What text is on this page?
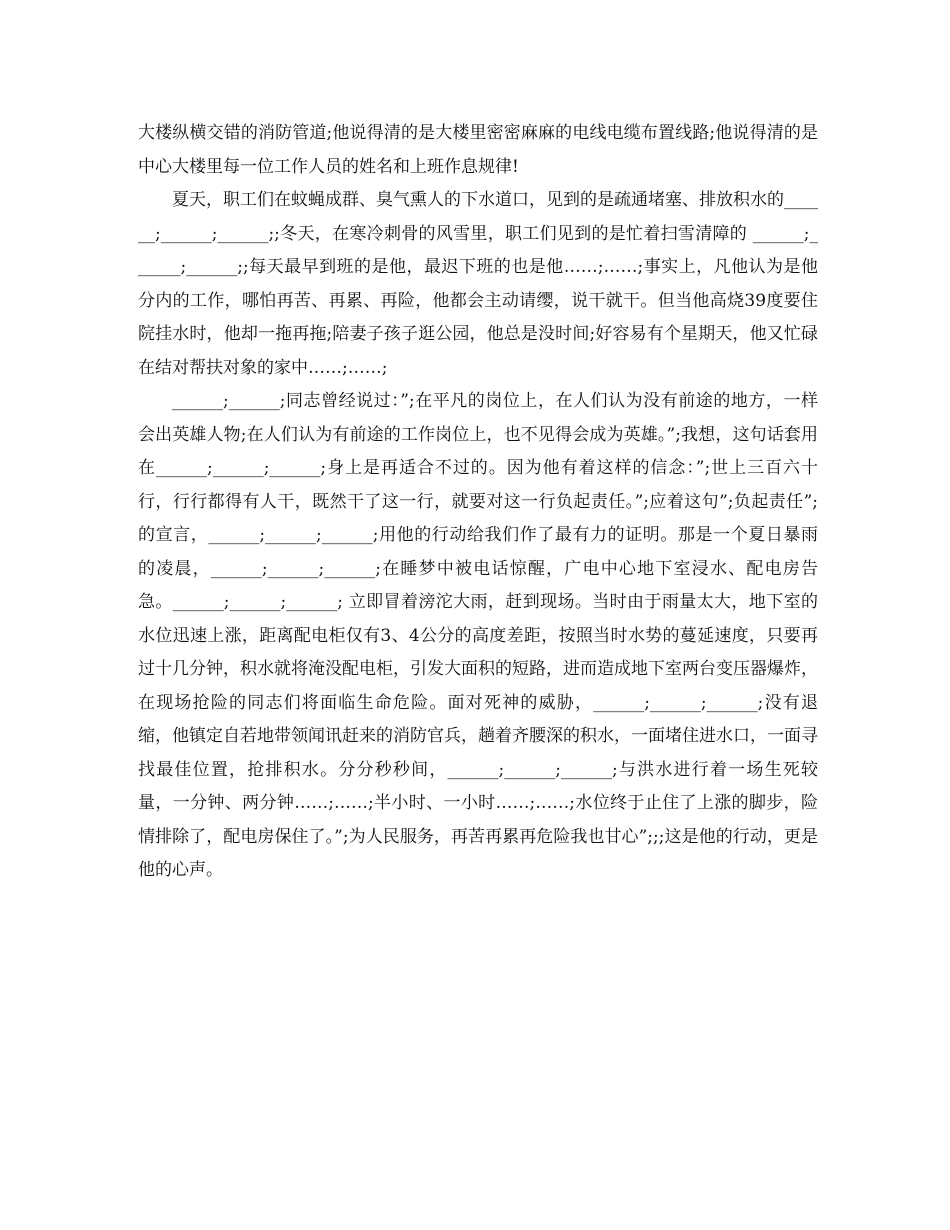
大楼纵横交错的消防管道;他说得清的是大楼里密密麻麻的电线电缆布置线路;他说得清的是中心大楼里每一位工作人员的姓名和上班作息规律!

夏天，职工们在蚊蝇成群、臭气熏人的下水道口，见到的是疏通堵塞、排放积水的______;______;______;;冬天，在寒冷刺骨的风雪里，职工们见到的是忙着扫雪清障的 ______;______;______;;每天最早到班的是他，最迟下班的也是他……;……;事实上，凡他认为是他分内的工作，哪怕再苦、再累、再险，他都会主动请缨，说干就干。但当他高烧39度要住院挂水时，他却一拖再拖;陪妻子孩子逛公园，他总是没时间;好容易有个星期天，他又忙碌在结对帮扶对象的家中……;……;

______;______;同志曾经说过：”;在平凡的岗位上，在人们认为没有前途的地方，一样会出英雄人物;在人们认为有前途的工作岗位上，也不见得会成为英雄。”;我想，这句话套用在______;______;______;身上是再适合不过的。因为他有着这样的信念：”;世上三百六十行，行行都得有人干，既然干了这一行，就要对这一行负起责任。”;应着这句”;负起责任”;的宣言，______;______;______;用他的行动给我们作了最有力的证明。那是一个夏日暴雨的凌晨，______;______;______;在睡梦中被电话惊醒，广电中心地下室浸水、配电房告急。______;______;______; 立即冒着滂沱大雨，赶到现场。当时由于雨量太大，地下室的水位迅速上涨，距离配电柜仅有3、4公分的高度差距，按照当时水势的蔓延速度，只要再过十几分钟，积水就将淹没配电柜，引发大面积的短路，进而造成地下室两台变压器爆炸，在现场抢险的同志们将面临生命危险。面对死神的威胁，______;______;______;没有退缩，他镇定自若地带领闻讯赶来的消防官兵，趟着齐腰深的积水，一面堵住进水口，一面寻找最佳位置，抢排积水。分分秒秒间，______;______;______;与洪水进行着一场生死较量，一分钟、两分钟……;……;半小时、一小时……;……;水位终于止住了上涨的脚步，险情排除了，配电房保住了。”;为人民服务，再苦再累再危险我也甘心”;;;这是他的行动，更是他的心声。
